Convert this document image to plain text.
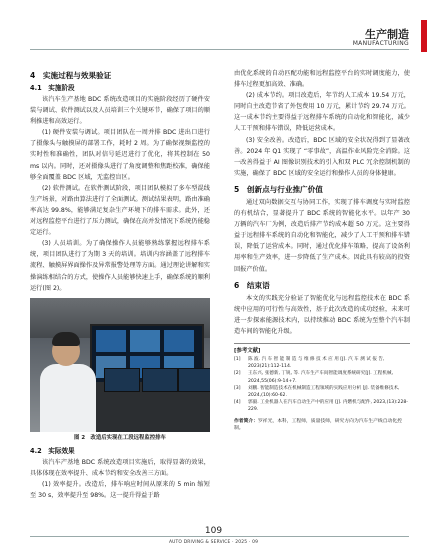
生产制造
MANUFACTURING
4　实施过程与效果验证
4.1　实施阶段

该汽车生产基地 BDC 系统改造项目的实施阶段经历了硬件安装与调试、软件测试以及人员培训三个关键环节，确保了项目的顺利推进和高效运行。

(1) 硬件安装与调试。项目团队在一周并排 BDC 进出口进行了摄像头与触摸屏的部署工作，耗时 2 周。为了确保视频监控的实时性和准确性，团队对信号延迟进行了优化，将其控制在 50 ms 以内。同时，还对摄像头进行了角度调整和焦距校准，确保能够全面覆盖 BDC 区域，无监控盲区。

(2) 软件测试。在软件测试阶段，项目团队模拟了多车型混线生产场景，对路由算法进行了全面测试。测试结果表明，路由准确率高达 99.8%，能够满足复杂生产环境下的排车需求。此外，还对远程监控平台进行了压力测试，确保在高并发情况下系统仍能稳定运行。

(3) 人员培训。为了确保操作人员能够熟练掌握远程排车系统，项目团队进行了为期 3 天的培训。培训内容涵盖了远程排车流程、触摸屏界面操作及异常报警处理等方面。通过理论讲解和实操演练相结合的方式，使操作人员能够快速上手，确保系统的顺利运行(图 2)。

图 2　改造后实现在工段远程监控排车
4.2　实际效果

该汽车产基地 BDC 系统改造项目实施后，取得显著的效果，具体体现在效率提升、成本节约和安全改善三方面。

(1) 效率提升。改造后，排车响应时间从原来的 5 min 缩短至 30 s，效率提升至 98%。这一提升得益于路

由优化系统的自动匹配功能和远程监控平台的实时调度能力，使排车过程更加高效、准确。

(2) 成本节约。项目改造后，年节约人工成本 19.54 万元，同时自主改造节省了外包费用 10 万元，累计节约 29.74 万元。这一成本节约主要得益于远程排车系统的自动化和智能化，减少人工干预和排车错误，降低运营成本。

(3) 安全改善。改造后，BDC 区域的安全状况得到了显著改善。2024 年 Q1 实现了 “零事故”，高温作业风险完全消除。这一改善得益于 AI 图像识别技术的引入和双 PLC 冗余控制机制的实施，确保了 BDC 区域的安全运行和操作人员的身体健康。

5　创新点与行业推广价值

通过双向数据交互与协同工作，实现了排车调度与实时监控的有机结合，显著提升了 BDC 系统的智能化水平。以年产 30 万辆的汽车厂为例，改造后排产节约成本超 50 万元。这主要得益于远程排车系统的自动化和智能化，减少了人工干预和排车错误，降低了运营成本。同时，通过优化排车策略，提高了设备利用率和生产效率，进一步降低了生产成本。因此具有较高的投资回报产价值。

6　结束语

本文的实践充分验证了智能优化与远程监控技术在 BDC 系统中应用的可行性与高效性，基于此次改造的成功经验，未来可进一步探索能源技术内，以持续推动 BDC 系统为至整个汽车制造车间的智能化升级。

[参考文献]
[1]	陈 波. 汽 车 智 能 制 造 与 维 修 技 术 应 用 [J]. 汽 车 测 试 报 告, 2023(21):112-114.
[2]	王东兴, 张德新, 丁锐, 等. 汽车生产车间智能调度系统研究[J]. 工程机械, 2024,55(06):9-14+7.
[3]	刘鹏. 智能制造技术在机械制造工程领域的实践应用分析 [J]. 装备维修技术, 2024,(10):60-62.
[4]	郭毅. 工业机器人在汽车自动生产中的应用 [J]. 内燃机与配件, 2023,(13):228-229.
作者简介：罗祥光，本科，工程师，质量技师，研究方向为汽车生产线自动化控制。
109
AUTO DRIVING & SERVICE · 2025 · 09
